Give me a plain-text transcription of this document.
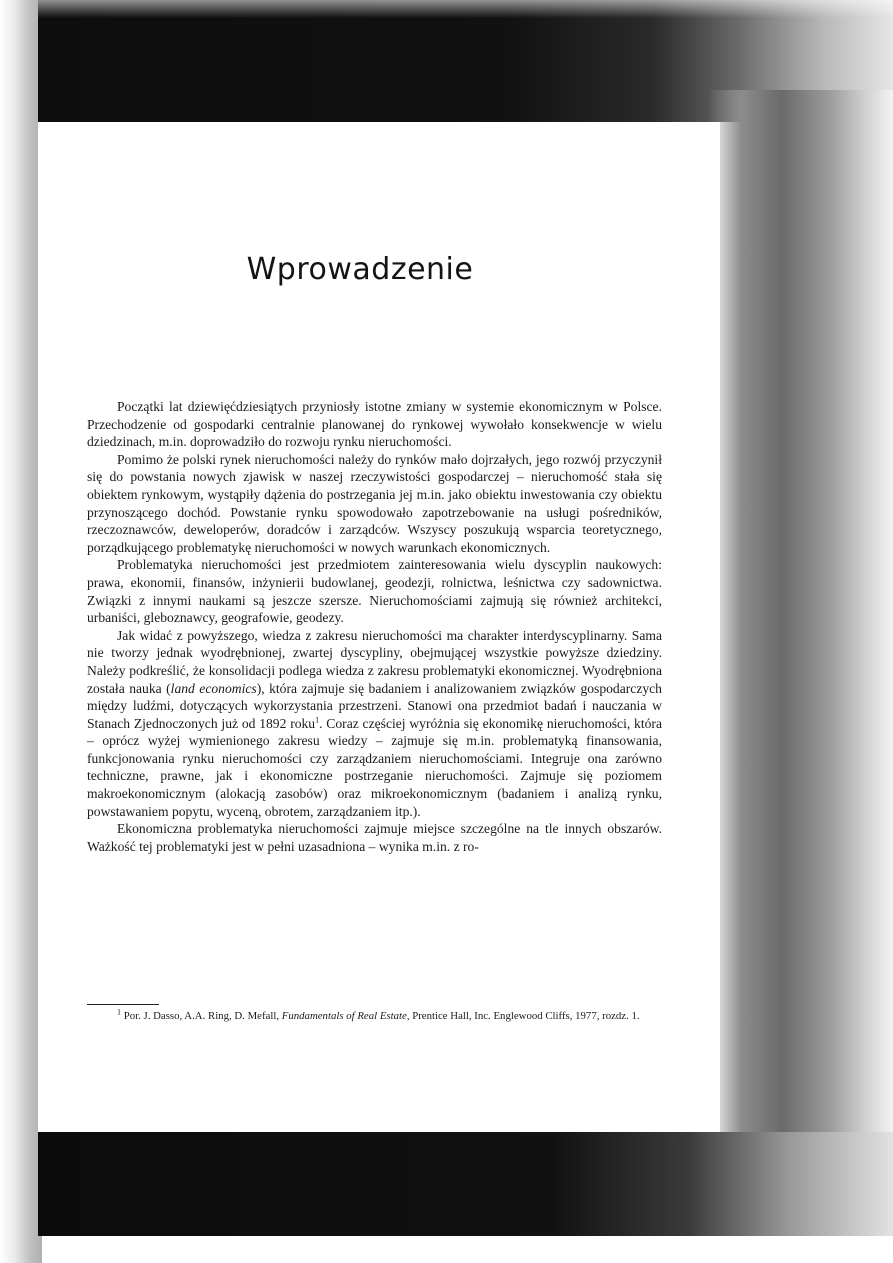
Wprowadzenie

Początki lat dziewięćdziesiątych przyniosły istotne zmiany w systemie ekonomicznym w Polsce. Przechodzenie od gospodarki centralnie planowanej do rynkowej wywołało konsekwencje w wielu dziedzinach, m.in. doprowadziło do rozwoju rynku nieruchomości.

Pomimo że polski rynek nieruchomości należy do rynków mało dojrzałych, jego rozwój przyczynił się do powstania nowych zjawisk w naszej rzeczywistości gospodarczej – nieruchomość stała się obiektem rynkowym, wystąpiły dążenia do postrzegania jej m.in. jako obiektu inwestowania czy obiektu przynoszącego dochód. Powstanie rynku spowodowało zapotrzebowanie na usługi pośredników, rzeczoznawców, deweloperów, doradców i zarządców. Wszyscy poszukują wsparcia teoretycznego, porządkującego problematykę nieruchomości w nowych warunkach ekonomicznych.

Problematyka nieruchomości jest przedmiotem zainteresowania wielu dyscyplin naukowych: prawa, ekonomii, finansów, inżynierii budowlanej, geodezji, rolnictwa, leśnictwa czy sadownictwa. Związki z innymi naukami są jeszcze szersze. Nieruchomościami zajmują się również architekci, urbaniści, gleboznawcy, geografowie, geodezy.

Jak widać z powyższego, wiedza z zakresu nieruchomości ma charakter interdyscyplinarny. Sama nie tworzy jednak wyodrębnionej, zwartej dyscypliny, obejmującej wszystkie powyższe dziedziny. Należy podkreślić, że konsolidacji podlega wiedza z zakresu problematyki ekonomicznej. Wyodrębniona została nauka (land economics), która zajmuje się badaniem i analizowaniem związków gospodarczych między ludźmi, dotyczących wykorzystania przestrzeni. Stanowi ona przedmiot badań i nauczania w Stanach Zjednoczonych już od 1892 roku$^1$. Coraz częściej wyróżnia się ekonomikę nieruchomości, która – oprócz wyżej wymienionego zakresu wiedzy – zajmuje się m.in. problematyką finansowania, funkcjonowania rynku nieruchomości czy zarządzaniem nieruchomościami. Integruje ona zarówno techniczne, prawne, jak i ekonomiczne postrzeganie nieruchomości. Zajmuje się poziomem makroekonomicznym (alokacją zasobów) oraz mikroekonomicznym (badaniem i analizą rynku, powstawaniem popytu, wyceną, obrotem, zarządzaniem itp.).

Ekonomiczna problematyka nieruchomości zajmuje miejsce szczególne na tle innych obszarów. Ważkość tej problematyki jest w pełni uzasadniona – wynika m.in. z ro-

$^1$ Por. J. Dasso, A.A. Ring, D. Mefall, Fundamentals of Real Estate, Prentice Hall, Inc. Englewood Cliffs, 1977, rozdz. 1.
